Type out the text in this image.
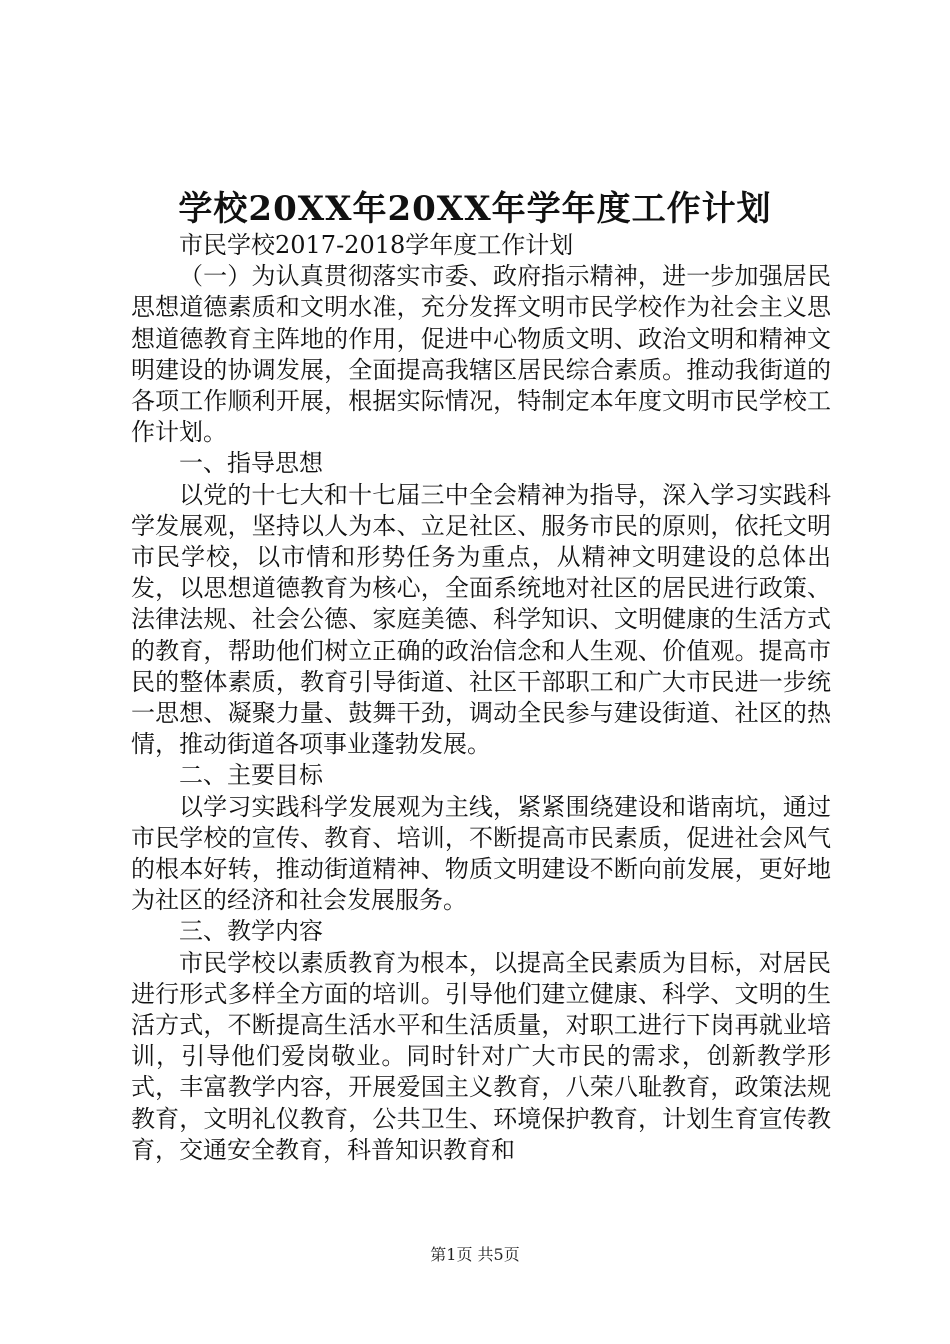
学校20XX年20XX年学年度工作计划

市民学校2017-2018学年度工作计划

（一）为认真贯彻落实市委、政府指示精神，进一步加强居民思想道德素质和文明水准，充分发挥文明市民学校作为社会主义思想道德教育主阵地的作用，促进中心物质文明、政治文明和精神文明建设的协调发展，全面提高我辖区居民综合素质。推动我街道的各项工作顺利开展，根据实际情况，特制定本年度文明市民学校工作计划。

一、指导思想

以党的十七大和十七届三中全会精神为指导，深入学习实践科学发展观，坚持以人为本、立足社区、服务市民的原则，依托文明市民学校，以市情和形势任务为重点，从精神文明建设的总体出发，以思想道德教育为核心，全面系统地对社区的居民进行政策、法律法规、社会公德、家庭美德、科学知识、文明健康的生活方式的教育，帮助他们树立正确的政治信念和人生观、价值观。提高市民的整体素质，教育引导街道、社区干部职工和广大市民进一步统一思想、凝聚力量、鼓舞干劲，调动全民参与建设街道、社区的热情，推动街道各项事业蓬勃发展。

二、主要目标

以学习实践科学发展观为主线，紧紧围绕建设和谐南坑，通过市民学校的宣传、教育、培训，不断提高市民素质，促进社会风气的根本好转，推动街道精神、物质文明建设不断向前发展，更好地为社区的经济和社会发展服务。

三、教学内容

市民学校以素质教育为根本，以提高全民素质为目标，对居民进行形式多样全方面的培训。引导他们建立健康、科学、文明的生活方式，不断提高生活水平和生活质量，对职工进行下岗再就业培训，引导他们爱岗敬业。同时针对广大市民的需求，创新教学形式，丰富教学内容，开展爱国主义教育，八荣八耻教育，政策法规教育，文明礼仪教育，公共卫生、环境保护教育，计划生育宣传教育，交通安全教育，科普知识教育和

第1页 共5页
